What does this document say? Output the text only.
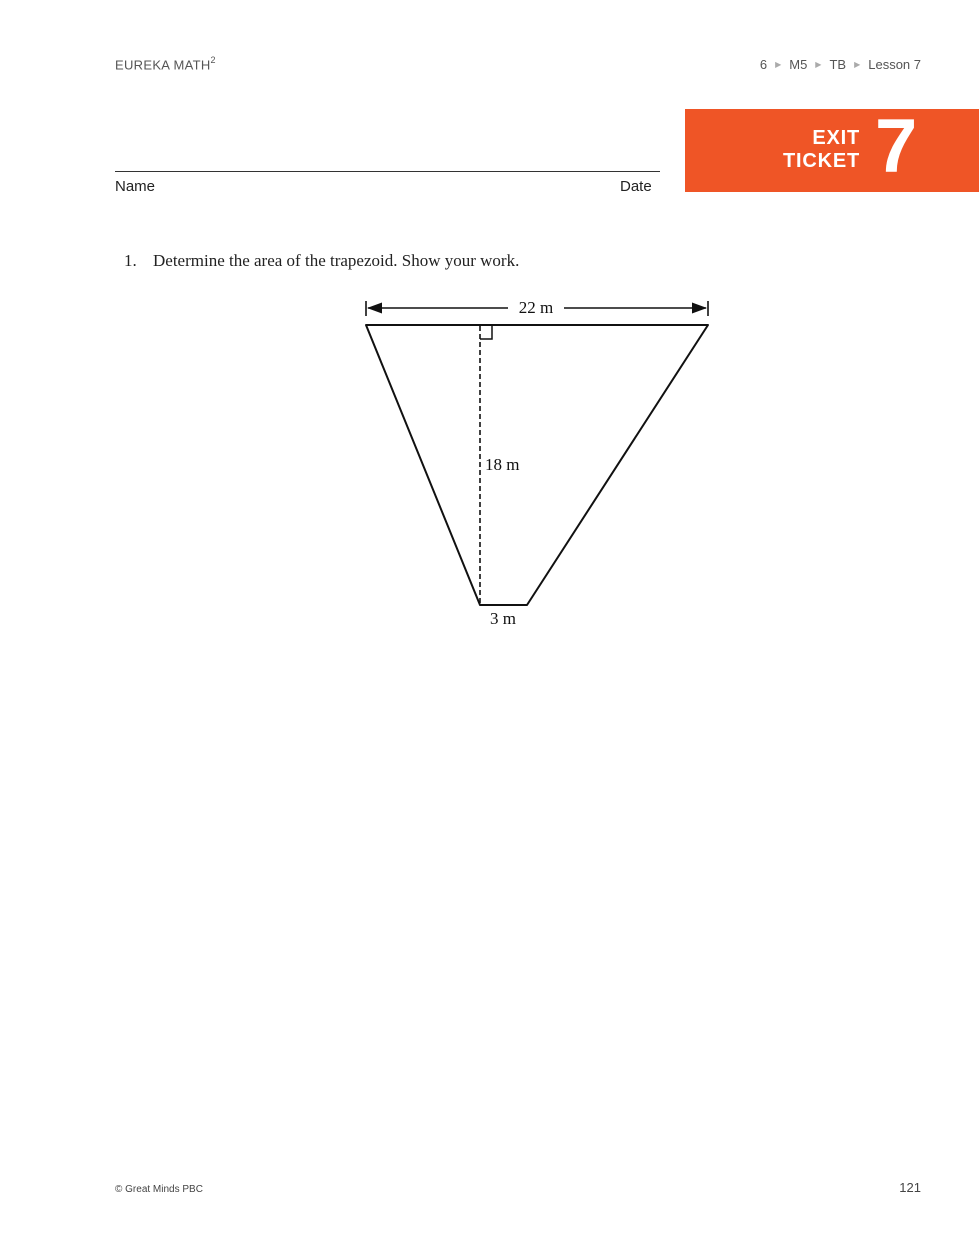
EUREKA MATH$^2$	6 ▶ M5 ▶ TB ▶ Lesson 7
EXIT
TICKET 7
Name	Date
1. Determine the area of the trapezoid. Show your work.
22 m
18 m
3 m
© Great Minds PBC	121
